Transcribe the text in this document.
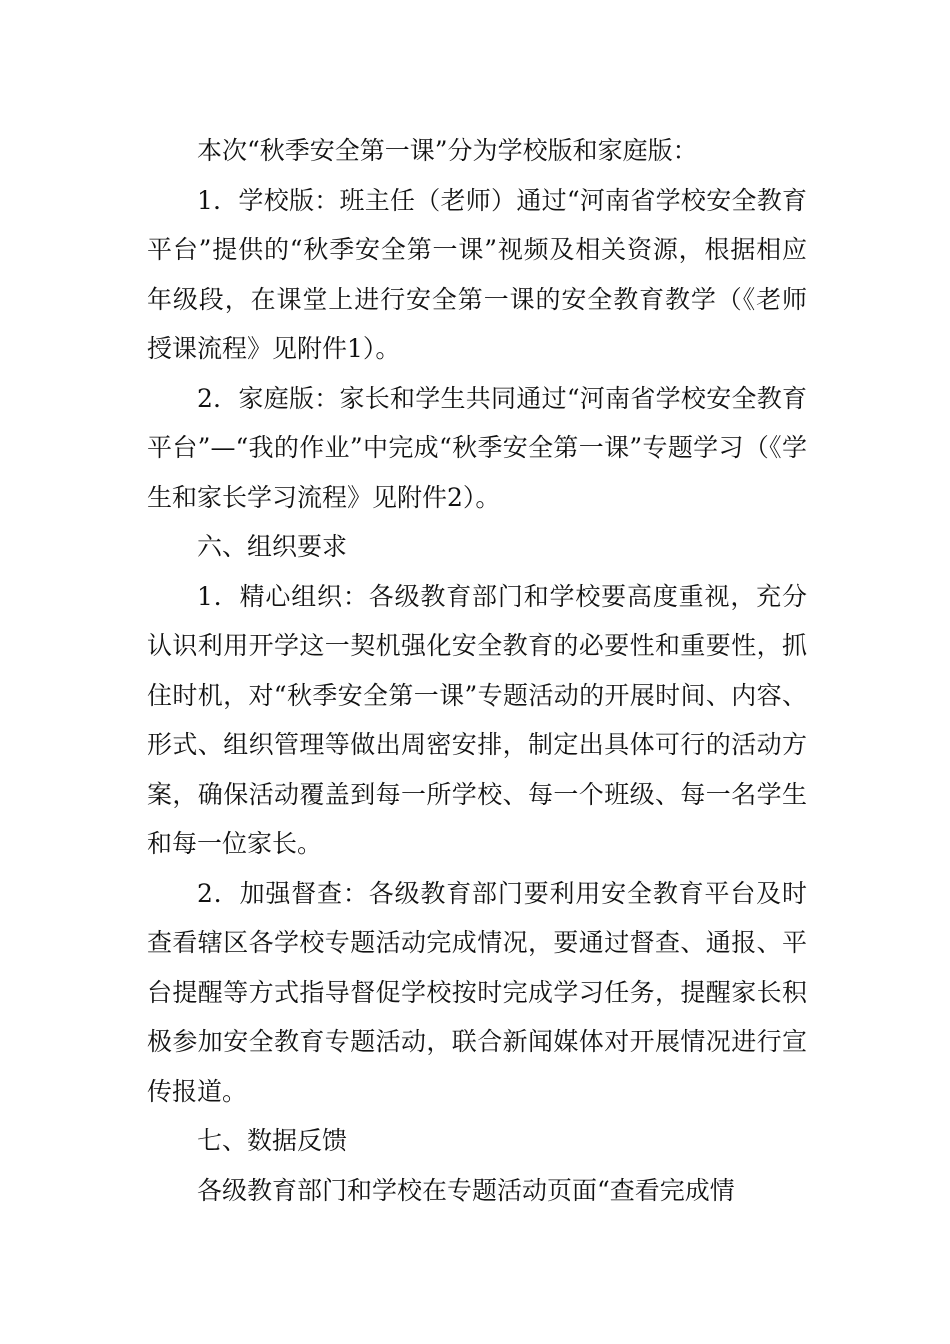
本次“秋季安全第一课”分为学校版和家庭版：

1．学校版：班主任（老师）通过“河南省学校安全教育平台”提供的“秋季安全第一课”视频及相关资源，根据相应年级段，在课堂上进行安全第一课的安全教育教学（《老师授课流程》见附件1）。

2．家庭版：家长和学生共同通过“河南省学校安全教育平台”—“我的作业”中完成“秋季安全第一课”专题学习（《学生和家长学习流程》见附件2）。

六、组织要求

1．精心组织：各级教育部门和学校要高度重视，充分认识利用开学这一契机强化安全教育的必要性和重要性，抓住时机，对“秋季安全第一课”专题活动的开展时间、内容、形式、组织管理等做出周密安排，制定出具体可行的活动方案，确保活动覆盖到每一所学校、每一个班级、每一名学生和每一位家长。

2．加强督查：各级教育部门要利用安全教育平台及时查看辖区各学校专题活动完成情况，要通过督查、通报、平台提醒等方式指导督促学校按时完成学习任务，提醒家长积极参加安全教育专题活动，联合新闻媒体对开展情况进行宣传报道。

七、数据反馈

各级教育部门和学校在专题活动页面“查看完成情
